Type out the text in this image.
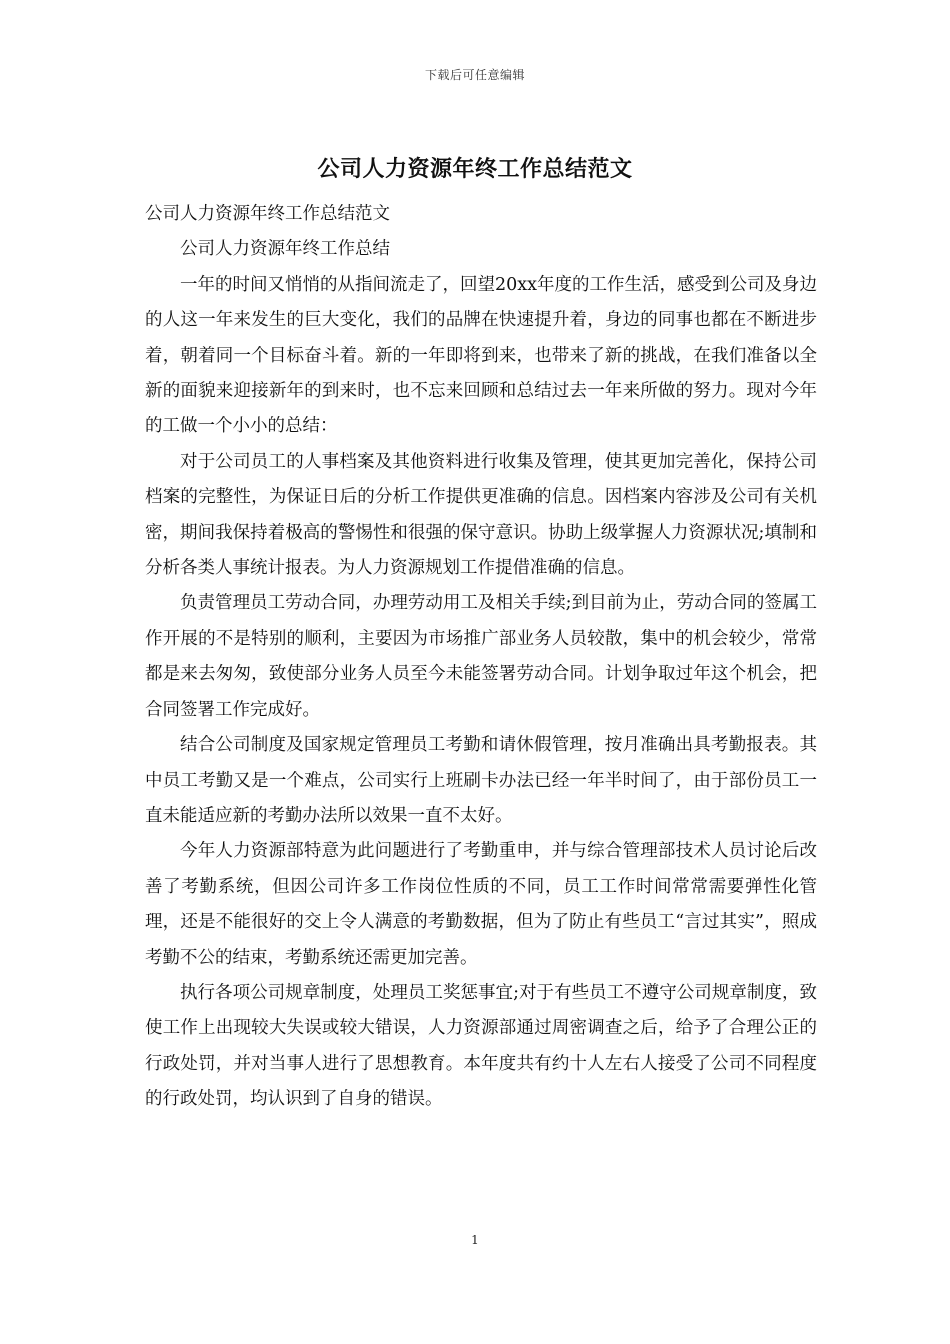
下载后可任意编辑
公司人力资源年终工作总结范文

公司人力资源年终工作总结范文

公司人力资源年终工作总结

一年的时间又悄悄的从指间流走了，回望20xx年度的工作生活，感受到公司及身边的人这一年来发生的巨大变化，我们的品牌在快速提升着，身边的同事也都在不断进步着，朝着同一个目标奋斗着。新的一年即将到来，也带来了新的挑战，在我们准备以全新的面貌来迎接新年的到来时，也不忘来回顾和总结过去一年来所做的努力。现对今年的工做一个小小的总结：

对于公司员工的人事档案及其他资料进行收集及管理，使其更加完善化，保持公司档案的完整性，为保证日后的分析工作提供更准确的信息。因档案内容涉及公司有关机密，期间我保持着极高的警惕性和很强的保守意识。协助上级掌握人力资源状况;填制和分析各类人事统计报表。为人力资源规划工作提借准确的信息。

负责管理员工劳动合同，办理劳动用工及相关手续;到目前为止，劳动合同的签属工作开展的不是特别的顺利，主要因为市场推广部业务人员较散，集中的机会较少，常常都是来去匆匆，致使部分业务人员至今未能签署劳动合同。计划争取过年这个机会，把合同签署工作完成好。

结合公司制度及国家规定管理员工考勤和请休假管理，按月准确出具考勤报表。其中员工考勤又是一个难点，公司实行上班刷卡办法已经一年半时间了，由于部份员工一直未能适应新的考勤办法所以效果一直不太好。

今年人力资源部特意为此问题进行了考勤重申，并与综合管理部技术人员讨论后改善了考勤系统，但因公司许多工作岗位性质的不同，员工工作时间常常需要弹性化管理，还是不能很好的交上令人满意的考勤数据，但为了防止有些员工“言过其实”，照成考勤不公的结束，考勤系统还需更加完善。

执行各项公司规章制度，处理员工奖惩事宜;对于有些员工不遵守公司规章制度，致使工作上出现较大失误或较大错误，人力资源部通过周密调查之后，给予了合理公正的行政处罚，并对当事人进行了思想教育。本年度共有约十人左右人接受了公司不同程度的行政处罚，均认识到了自身的错误。

1
